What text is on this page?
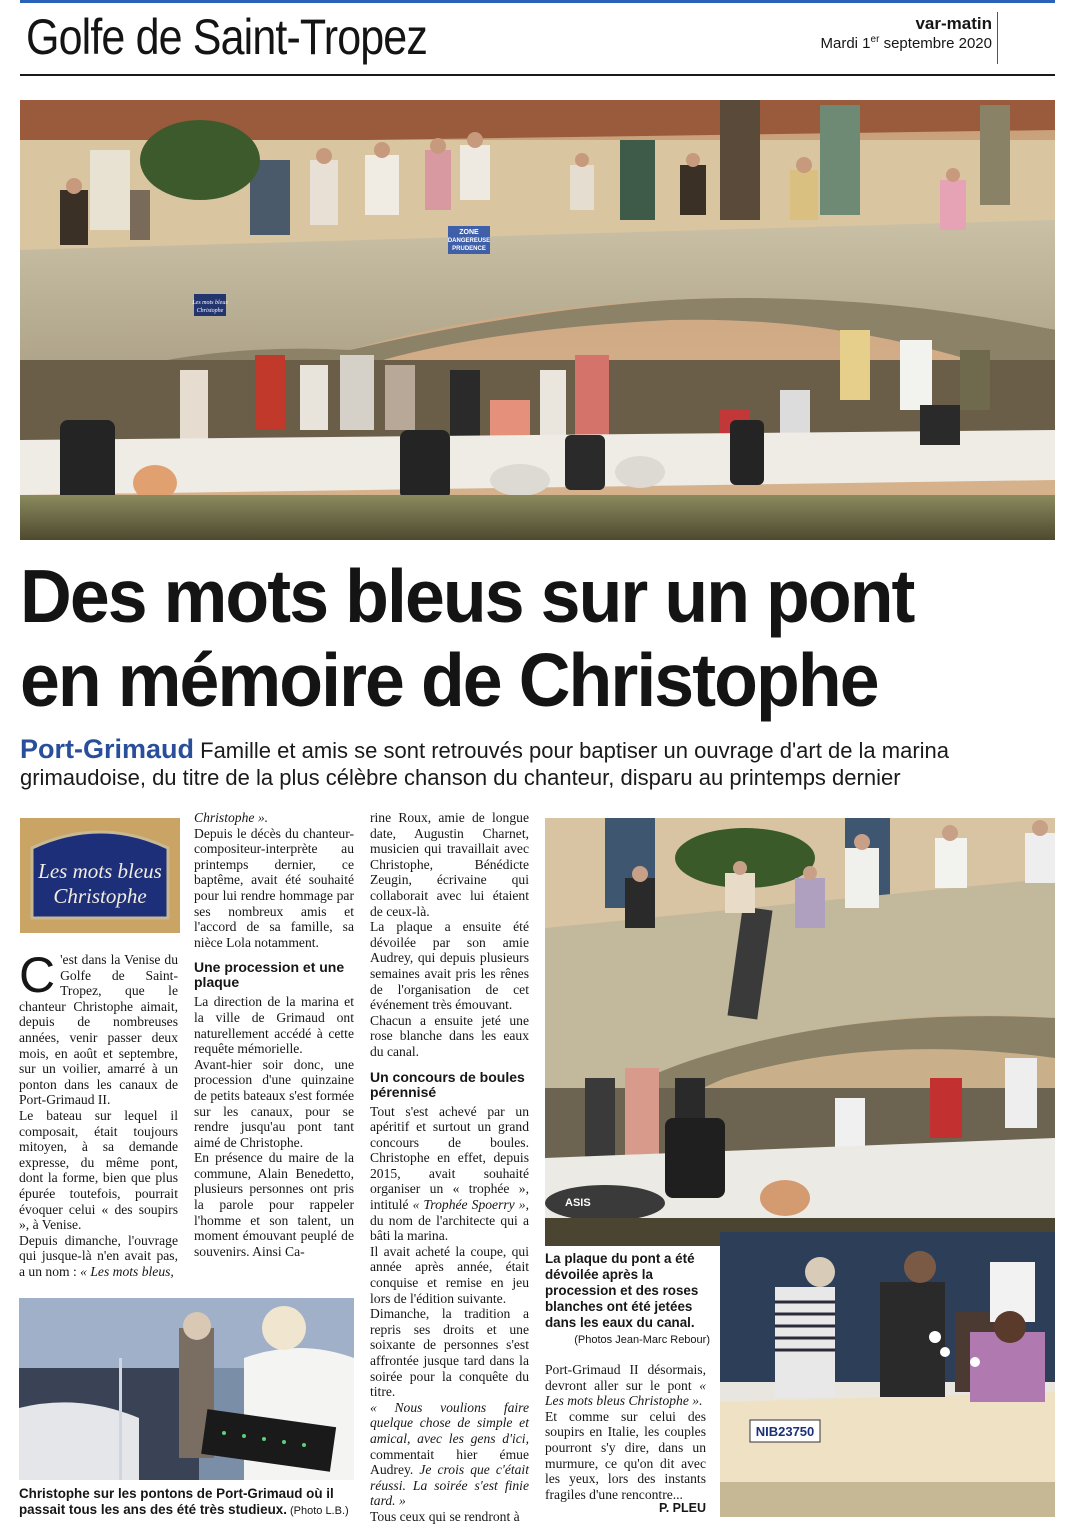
Golfe de Saint-Tropez	var-matin
Mardi 1er septembre 2020
ZONE
DANGEREUSE
PRUDENCE
Les mots bleus
Christophe
Des mots bleus sur un pont
en mémoire de Christophe
Port-Grimaud Famille et amis se sont retrouvés pour baptiser un ouvrage d'art de la marina grimaudoise, du titre de la plus célèbre chanson du chanteur, disparu au printemps dernier
Les mots bleus
Christophe

C 'est dans la Venise du Golfe de Saint-Tropez, que le chanteur Christophe aimait, depuis de nombreuses années, venir passer deux mois, en août et septembre, sur un voilier, amarré à un ponton dans les canaux de Port-Grimaud II.

Le bateau sur lequel il composait, était toujours mitoyen, à sa demande expresse, du même pont, dont la forme, bien que plus épurée toutefois, pourrait évoquer celui « des soupirs », à Venise.

Depuis dimanche, l'ouvrage qui jusque-là n'en avait pas, a un nom : « Les mots bleus,

Christophe ».

Depuis le décès du chanteur-compositeur-interprète au printemps dernier, ce baptême, avait été souhaité pour lui rendre hommage par ses nombreux amis et l'accord de sa famille, sa nièce Lola notamment.

Une procession et une plaque

La direction de la marina et la ville de Grimaud ont naturellement accédé à cette requête mémorielle.

Avant-hier soir donc, une procession d'une quinzaine de petits bateaux s'est formée sur les canaux, pour se rendre jusqu'au pont tant aimé de Christophe.

En présence du maire de la commune, Alain Benedetto, plusieurs personnes ont pris la parole pour rappeler l'homme et son talent, un moment émouvant peuplé de souvenirs. Ainsi Ca-

rine Roux, amie de longue date, Augustin Charnet, musicien qui travaillait avec Christophe, Bénédicte Zeugin, écrivaine qui collaborait avec lui étaient de ceux-là.

La plaque a ensuite été dévoilée par son amie Audrey, qui depuis plusieurs semaines avait pris les rênes de l'organisation de cet événement très émouvant.

Chacun a ensuite jeté une rose blanche dans les eaux du canal.

Un concours de boules pérennisé

Tout s'est achevé par un apéritif et surtout un grand concours de boules. Christophe en effet, depuis 2015, avait souhaité organiser un « trophée », intitulé « Trophée Spoerry », du nom de l'architecte qui a bâti la marina.

Il avait acheté la coupe, qui année après année, était conquise et remise en jeu lors de l'édition suivante.

Dimanche, la tradition a repris ses droits et une soixante de personnes s'est affrontée jusque tard dans la soirée pour la conquête du titre.

« Nous voulions faire quelque chose de simple et amical, avec les gens d'ici, commentait hier émue Audrey. Je crois que c'était réussi. La soirée s'est finie tard. »

Tous ceux qui se rendront à

Christophe sur les pontons de Port-Grimaud où il passait tous les ans des été très studieux. (Photo L.B.)
ASIS
La plaque du pont a été dévoilée après la procession et des roses blanches ont été jetées dans les eaux du canal.
(Photos Jean-Marc Rebour)

Port-Grimaud II désormais, devront aller sur le pont « Les mots bleus Christophe ».

Et comme sur celui des soupirs en Italie, les couples pourront s'y dire, dans un murmure, ce qu'on dit avec les yeux, lors des instants fragiles d'une rencontre...

P. PLEU
NIB23750
